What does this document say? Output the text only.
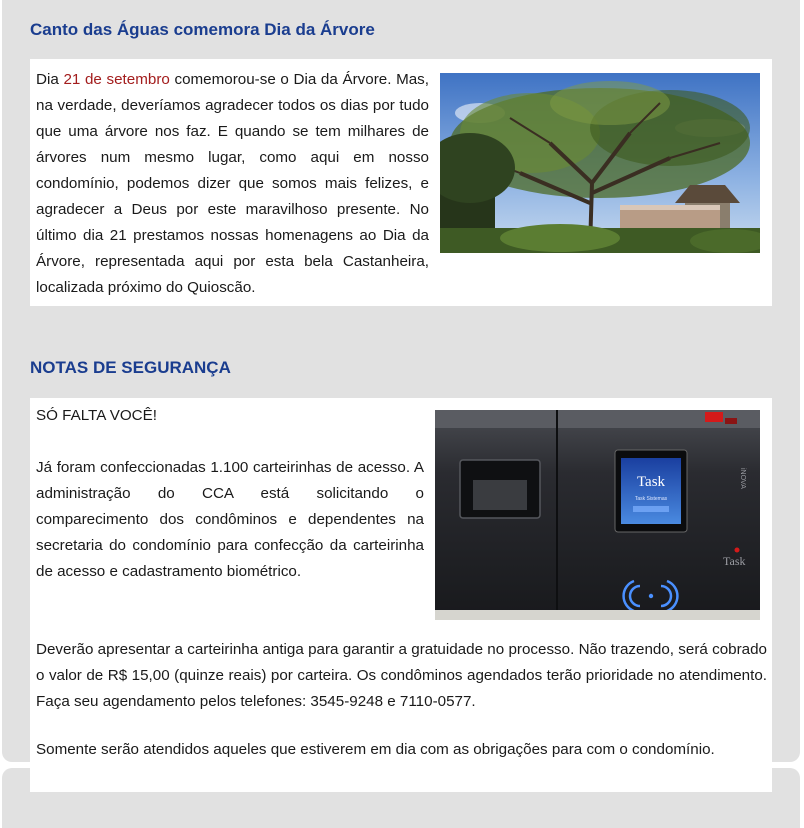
Canto das Águas comemora Dia da Árvore

Dia 21 de setembro comemorou-se o Dia da Árvore. Mas, na verdade, deveríamos agradecer todos os dias por tudo que uma árvore nos faz. E quando se tem milhares de árvores num mesmo lugar, como aqui em nosso condomínio, podemos dizer que somos mais felizes, e agradecer a Deus por este maravilhoso presente. No último dia 21 prestamos nossas homenagens ao Dia da Árvore, representada aqui por esta bela Castanheira, localizada próximo do Quioscão.

NOTAS DE SEGURANÇA
Task
Task Sistemas
iNOVA
Task

SÓ FALTA VOCÊ!

Já foram confeccionadas 1.100 carteirinhas de acesso. A administração do CCA está solicitando o comparecimento dos condôminos e dependentes na secretaria do condomínio para confecção da carteirinha de acesso e cadastramento biométrico.

Deverão apresentar a carteirinha antiga para garantir a gratuidade no processo. Não trazendo, será cobrado o valor de R$ 15,00 (quinze reais) por carteira. Os condôminos agendados terão prioridade no atendimento. Faça seu agendamento pelos telefones: 3545-9248 e 7110-0577.

Somente serão atendidos aqueles que estiverem em dia com as obrigações para com o condomínio.
